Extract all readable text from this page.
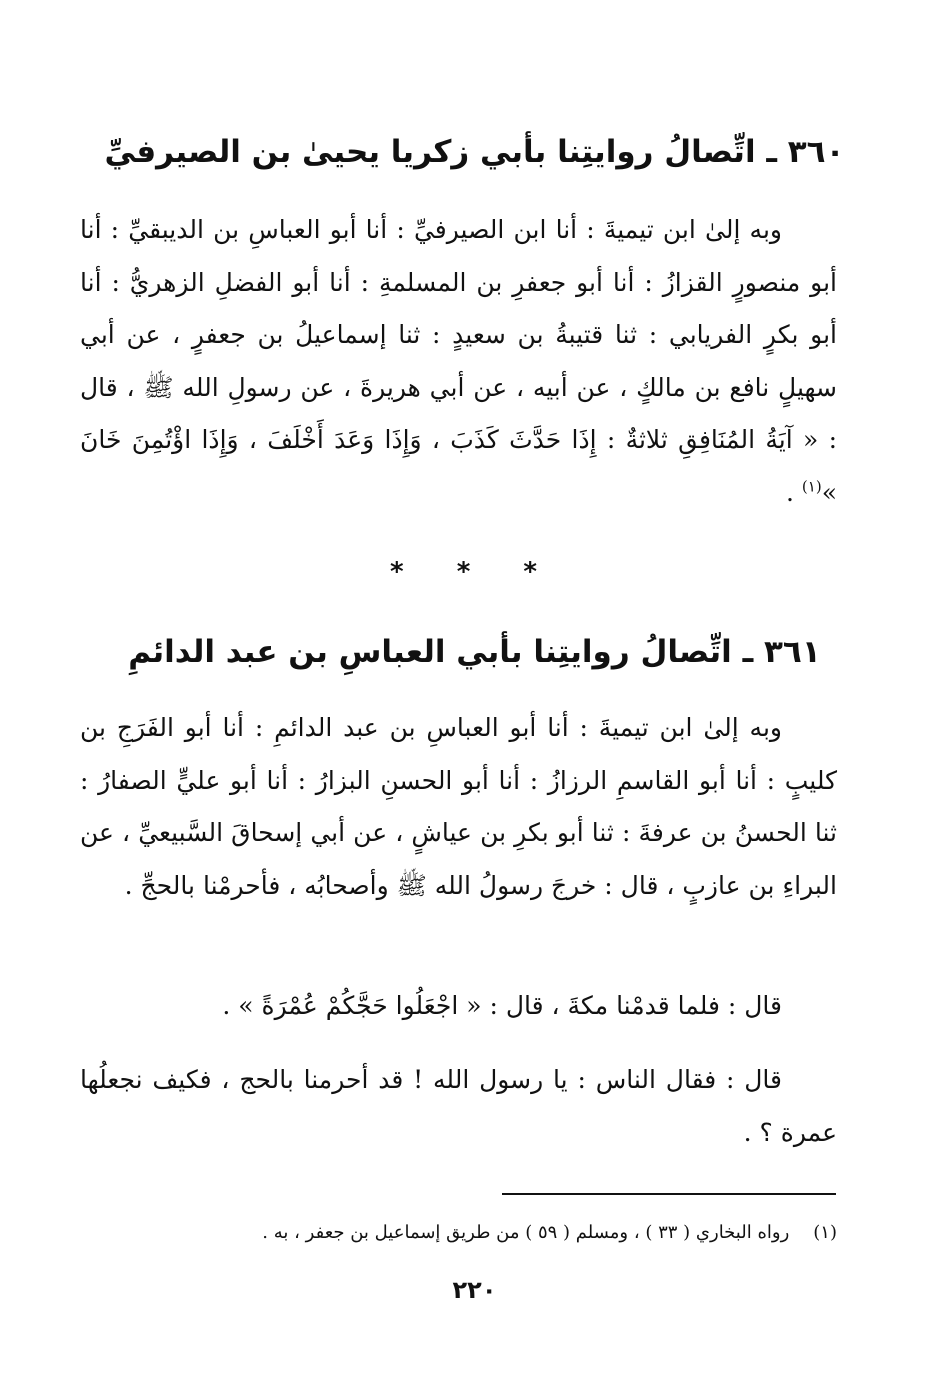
٣٦٠ ـ اتِّصالُ روايتِنا بأبي زكريا يحيىٰ بن الصيرفيِّ
وبه إلىٰ ابن تيميةَ : أنا ابن الصيرفيِّ : أنا أبو العباسِ بن الديبقيِّ : أنا أبو منصورٍ القزازُ : أنا أبو جعفرِ بن المسلمةِ : أنا أبو الفضلِ الزهريُّ : أنا أبو بكرٍ الفريابي : ثنا قتيبةُ بن سعيدٍ : ثنا إسماعيلُ بن جعفرٍ ، عن أبي سهيلٍ نافع بن مالكٍ ، عن أبيه ، عن أبي هريرةَ ، عن رسولِ الله ﷺ ، قال : « آيَةُ المُنَافِقِ ثلاثةٌ : إِذَا حَدَّثَ كَذَبَ ، وَإِذَا وَعَدَ أَخْلَفَ ، وَإِذَا اؤْتُمِنَ خَانَ »$^{(١)}$ .
* * *
٣٦١ ـ اتِّصالُ روايتِنا بأبي العباسِ بن عبد الدائمِ
وبه إلىٰ ابن تيميةَ : أنا أبو العباسِ بن عبد الدائمِ : أنا أبو الفَرَجِ بن كليبٍ : أنا أبو القاسمِ الرزازُ : أنا أبو الحسنِ البزارُ : أنا أبو عليٍّ الصفارُ : ثنا الحسنُ بن عرفةَ : ثنا أبو بكرِ بن عياشٍ ، عن أبي إسحاقَ السَّبيعيِّ ، عن البراءِ بن عازبٍ ، قال : خرجَ رسولُ الله ﷺ وأصحابُه ، فأحرمْنا بالحجِّ .
قال : فلما قدمْنا مكةَ ، قال : « اجْعَلُوا حَجَّكُمْ عُمْرَةً » .
قال : فقال الناس : يا رسول الله ! قد أحرمنا بالحج ، فكيف نجعلُها عمرة ؟ .
(١)رواه البخاري ( ٣٣ ) ، ومسلم ( ٥٩ ) من طريق إسماعيل بن جعفر ، به .
٢٢٠
